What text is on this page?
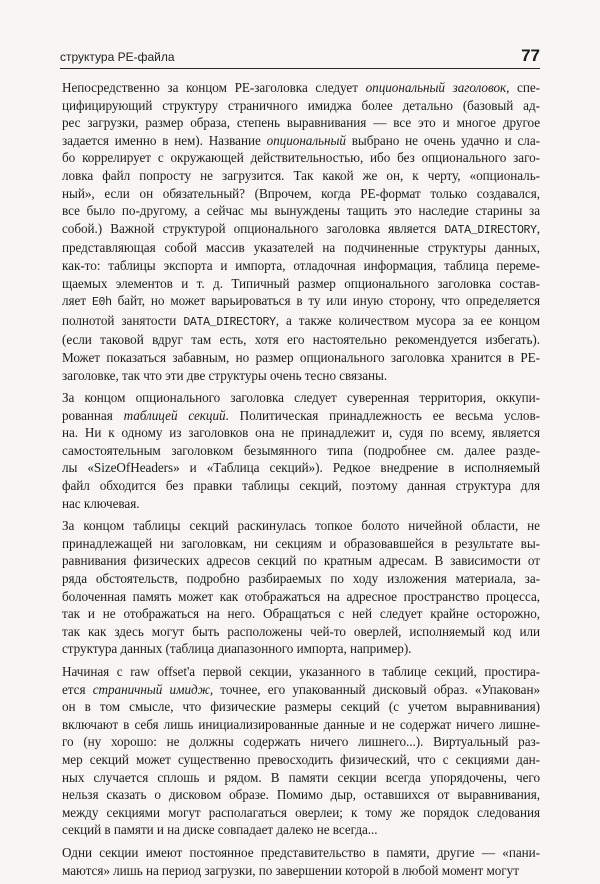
структура PE-файла	77
Непосредственно за концом PE-заголовка следует опциональный заголовок, спе-
цифицирующий структуру страничного имиджа более детально (базовый ад-
рес загрузки, размер образа, степень выравнивания — все это и многое другое
задается именно в нем). Название опциональный выбрано не очень удачно и сла-
бо коррелирует с окружающей действительностью, ибо без опционального заго-
ловка файл попросту не загрузится. Так какой же он, к черту, «опциональ-
ный», если он обязательный? (Впрочем, когда PE-формат только создавался,
все было по-другому, а сейчас мы вынуждены тащить это наследие старины за
собой.) Важной структурой опционального заголовка является DATA_DIRECTORY,
представляющая собой массив указателей на подчиненные структуры данных,
как-то: таблицы экспорта и импорта, отладочная информация, таблица переме-
щаемых элементов и т. д. Типичный размер опционального заголовка состав-
ляет E0h байт, но может варьироваться в ту или иную сторону, что определяется
полнотой занятости DATA_DIRECTORY, а также количеством мусора за ее концом
(если таковой вдруг там есть, хотя его настоятельно рекомендуется избегать).
Может показаться забавным, но размер опционального заголовка хранится в PE-
заголовке, так что эти две структуры очень тесно связаны.
За концом опционального заголовка следует суверенная территория, оккупи-
рованная таблицей секций. Политическая принадлежность ее весьма услов-
на. Ни к одному из заголовков она не принадлежит и, судя по всему, является
самостоятельным заголовком безымянного типа (подробнее см. далее разде-
лы «SizeOfHeaders» и «Таблица секций»). Редкое внедрение в исполняемый
файл обходится без правки таблицы секций, поэтому данная структура для
нас ключевая.
За концом таблицы секций раскинулась топкое болото ничейной области, не
принадлежащей ни заголовкам, ни секциям и образовавшейся в результате вы-
равнивания физических адресов секций по кратным адресам. В зависимости от
ряда обстоятельств, подробно разбираемых по ходу изложения материала, за-
болоченная память может как отображаться на адресное пространство процесса,
так и не отображаться на него. Обращаться с ней следует крайне осторожно,
так как здесь могут быть расположены чей-то оверлей, исполняемый код или
структура данных (таблица диапазонного импорта, например).
Начиная с raw offset'а первой секции, указанного в таблице секций, простира-
ется страничный имидж, точнее, его упакованный дисковый образ. «Упакован»
он в том смысле, что физические размеры секций (с учетом выравнивания)
включают в себя лишь инициализированные данные и не содержат ничего лишне-
го (ну хорошо: не должны содержать ничего лишнего...). Виртуальный раз-
мер секций может существенно превосходить физический, что с секциями дан-
ных случается сплошь и рядом. В памяти секции всегда упорядочены, чего
нельзя сказать о дисковом образе. Помимо дыр, оставшихся от выравнивания,
между секциями могут располагаться оверлеи; к тому же порядок следования
секций в памяти и на диске совпадает далеко не всегда...
Одни секции имеют постоянное представительство в памяти, другие — «пани-
маются» лишь на период загрузки, по завершении которой в любой момент могут
